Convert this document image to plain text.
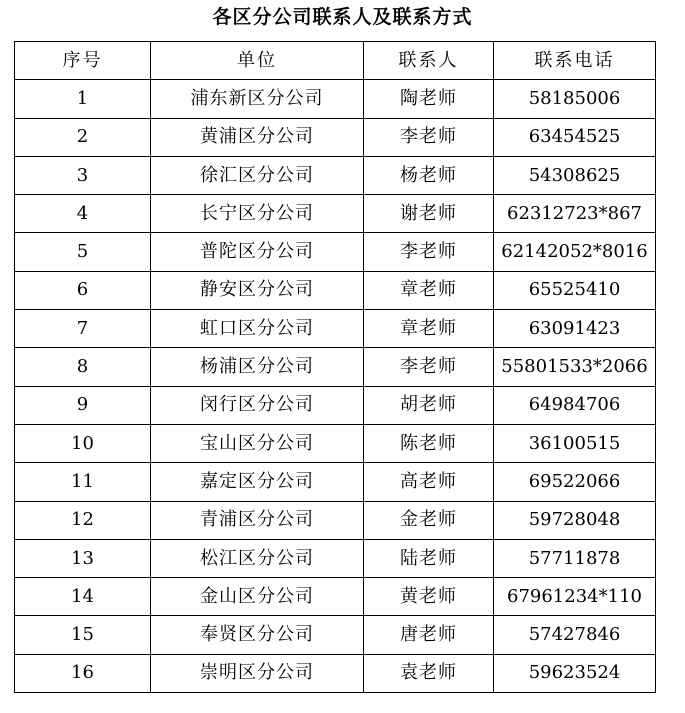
各区分公司联系人及联系方式
序号	单位	联系人	联系电话
1	浦东新区分公司	陶老师	58185006
2	黄浦区分公司	李老师	63454525
3	徐汇区分公司	杨老师	54308625
4	长宁区分公司	谢老师	62312723*867
5	普陀区分公司	李老师	62142052*8016
6	静安区分公司	章老师	65525410
7	虹口区分公司	章老师	63091423
8	杨浦区分公司	李老师	55801533*2066
9	闵行区分公司	胡老师	64984706
10	宝山区分公司	陈老师	36100515
11	嘉定区分公司	高老师	69522066
12	青浦区分公司	金老师	59728048
13	松江区分公司	陆老师	57711878
14	金山区分公司	黄老师	67961234*110
15	奉贤区分公司	唐老师	57427846
16	崇明区分公司	袁老师	59623524
